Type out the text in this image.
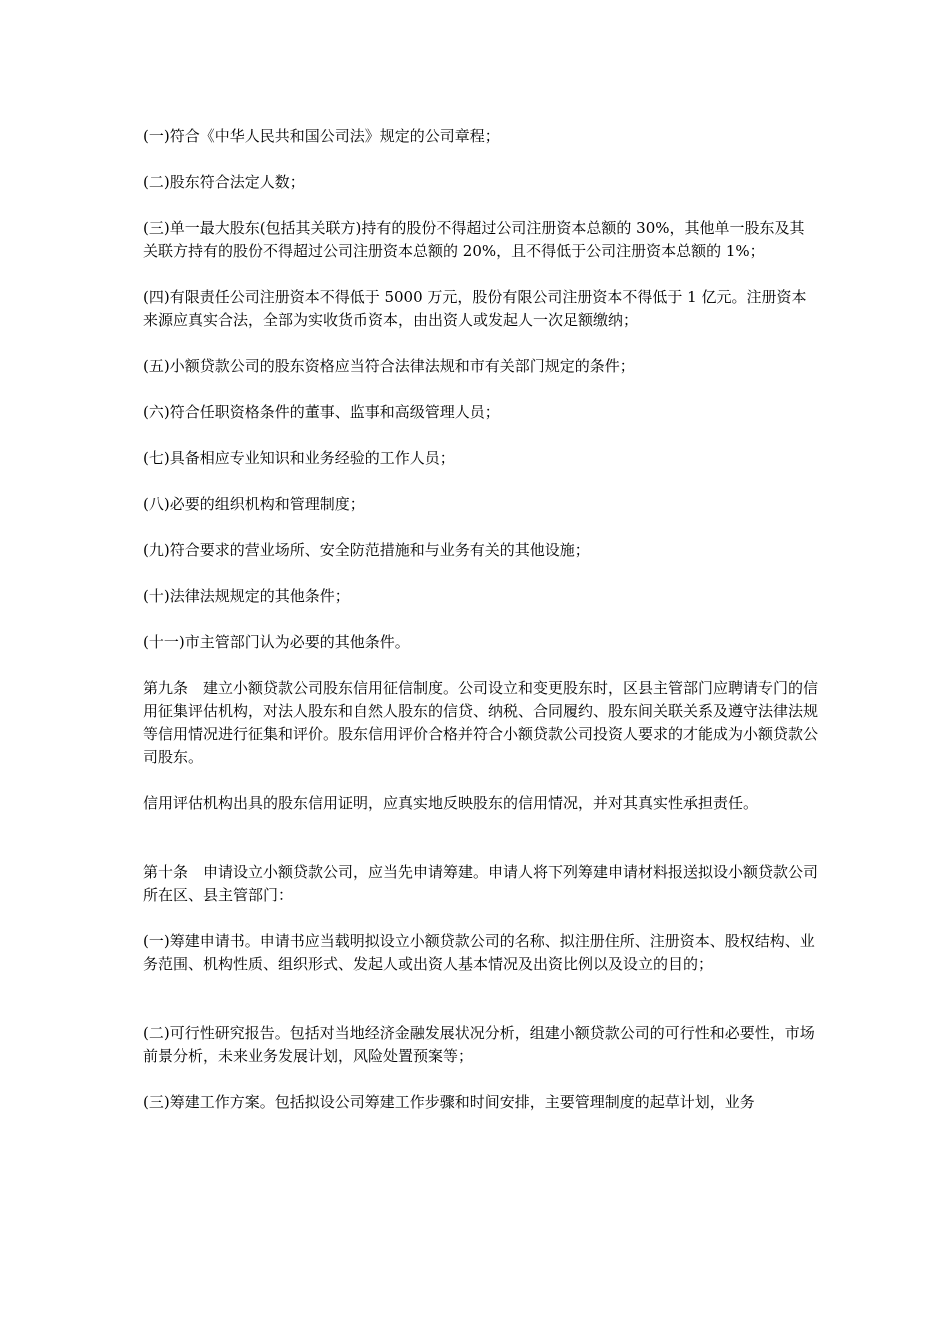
(一)符合《中华人民共和国公司法》规定的公司章程；

(二)股东符合法定人数；

(三)单一最大股东(包括其关联方)持有的股份不得超过公司注册资本总额的 30%，其他单一股东及其关联方持有的股份不得超过公司注册资本总额的 20%，且不得低于公司注册资本总额的 1%；

(四)有限责任公司注册资本不得低于 5000 万元，股份有限公司注册资本不得低于 1 亿元。注册资本来源应真实合法，全部为实收货币资本，由出资人或发起人一次足额缴纳；

(五)小额贷款公司的股东资格应当符合法律法规和市有关部门规定的条件；

(六)符合任职资格条件的董事、监事和高级管理人员；

(七)具备相应专业知识和业务经验的工作人员；

(八)必要的组织机构和管理制度；

(九)符合要求的营业场所、安全防范措施和与业务有关的其他设施；

(十)法律法规规定的其他条件；

(十一)市主管部门认为必要的其他条件。

第九条　建立小额贷款公司股东信用征信制度。公司设立和变更股东时，区县主管部门应聘请专门的信用征集评估机构，对法人股东和自然人股东的信贷、纳税、合同履约、股东间关联关系及遵守法律法规等信用情况进行征集和评价。股东信用评价合格并符合小额贷款公司投资人要求的才能成为小额贷款公司股东。

信用评估机构出具的股东信用证明，应真实地反映股东的信用情况，并对其真实性承担责任。

第十条　申请设立小额贷款公司，应当先申请筹建。申请人将下列筹建申请材料报送拟设小额贷款公司所在区、县主管部门：

(一)筹建申请书。申请书应当载明拟设立小额贷款公司的名称、拟注册住所、注册资本、股权结构、业务范围、机构性质、组织形式、发起人或出资人基本情况及出资比例以及设立的目的；

(二)可行性研究报告。包括对当地经济金融发展状况分析，组建小额贷款公司的可行性和必要性，市场前景分析，未来业务发展计划，风险处置预案等；

(三)筹建工作方案。包括拟设公司筹建工作步骤和时间安排，主要管理制度的起草计划，业务
